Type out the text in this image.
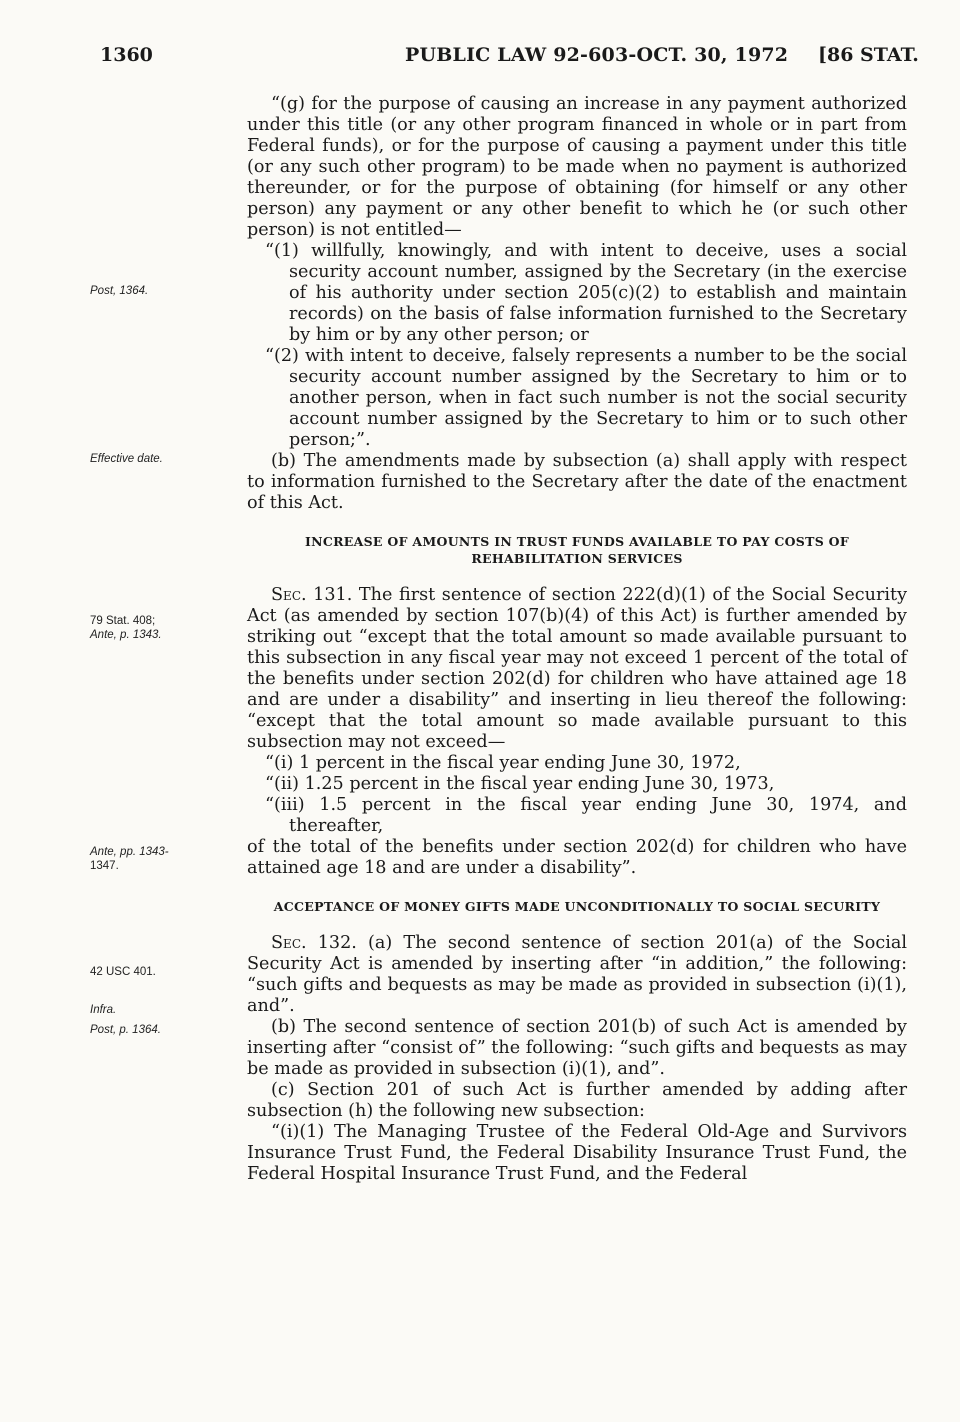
1360	PUBLIC LAW 92-603-OCT. 30, 1972 [86 STAT.
Post, 1364.
Effective date.
79 Stat. 408;
Ante, p. 1343.
Ante, pp. 1343-
1347.
42 USC 401.
Infra.
Post, p. 1364.

“(g) for the purpose of causing an increase in any payment authorized under this title (or any other program financed in whole or in part from Federal funds), or for the purpose of causing a payment under this title (or any such other program) to be made when no payment is authorized thereunder, or for the purpose of obtaining (for himself or any other person) any payment or any other benefit to which he (or such other person) is not entitled—

“(1) willfully, knowingly, and with intent to deceive, uses a social security account number, assigned by the Secretary (in the exercise of his authority under section 205(c)(2) to establish and maintain records) on the basis of false information furnished to the Secretary by him or by any other person; or

“(2) with intent to deceive, falsely represents a number to be the social security account number assigned by the Secretary to him or to another person, when in fact such number is not the social security account number assigned by the Secretary to him or to such other person;”.

(b) The amendments made by subsection (a) shall apply with respect to information furnished to the Secretary after the date of the enactment of this Act.

INCREASE OF AMOUNTS IN TRUST FUNDS AVAILABLE TO PAY COSTS OF REHABILITATION SERVICES

Sec. 131. The first sentence of section 222(d)(1) of the Social Security Act (as amended by section 107(b)(4) of this Act) is further amended by striking out “except that the total amount so made available pursuant to this subsection in any fiscal year may not exceed 1 percent of the total of the benefits under section 202(d) for children who have attained age 18 and are under a disability” and inserting in lieu thereof the following: “except that the total amount so made available pursuant to this subsection may not exceed—

“(i) 1 percent in the fiscal year ending June 30, 1972,

“(ii) 1.25 percent in the fiscal year ending June 30, 1973,

“(iii) 1.5 percent in the fiscal year ending June 30, 1974, and thereafter,

of the total of the benefits under section 202(d) for children who have attained age 18 and are under a disability”.

ACCEPTANCE OF MONEY GIFTS MADE UNCONDITIONALLY TO SOCIAL SECURITY

Sec. 132. (a) The second sentence of section 201(a) of the Social Security Act is amended by inserting after “in addition,” the following: “such gifts and bequests as may be made as provided in subsection (i)(1), and”.

(b) The second sentence of section 201(b) of such Act is amended by inserting after “consist of” the following: “such gifts and bequests as may be made as provided in subsection (i)(1), and”.

(c) Section 201 of such Act is further amended by adding after subsection (h) the following new subsection:

“(i)(1) The Managing Trustee of the Federal Old-Age and Survivors Insurance Trust Fund, the Federal Disability Insurance Trust Fund, the Federal Hospital Insurance Trust Fund, and the Federal
